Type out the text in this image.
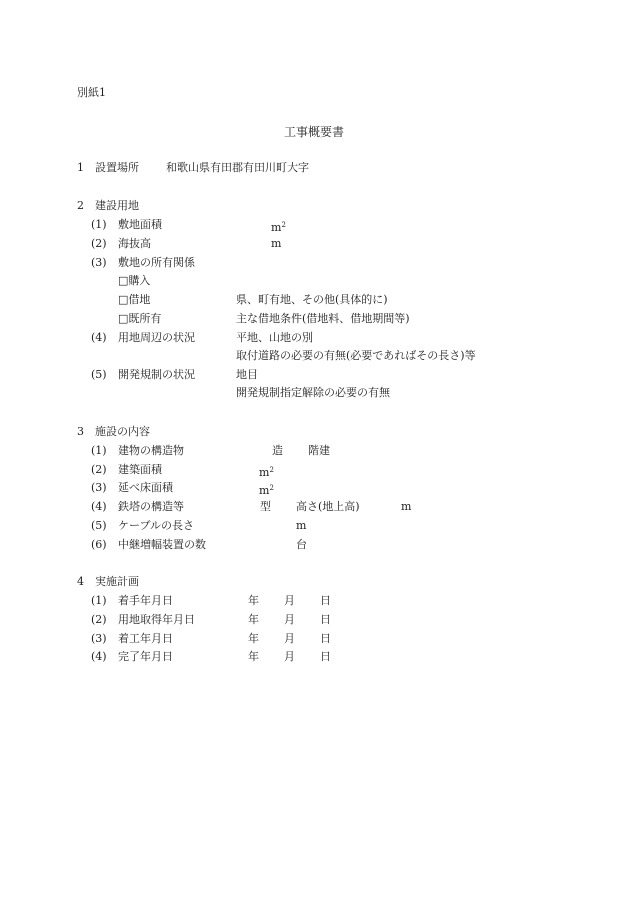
別紙1
工事概要書
1 設置場所 和歌山県有田郡有田川町大字
2 建設用地
(1) 敷地面積	$m^2$
(2) 海抜高	m
(3) 敷地の所有関係
□購入
□借地	県、町有地、その他(具体的に)
□既所有	主な借地条件(借地料、借地期間等)
(4) 用地周辺の状況	平地、山地の別
取付道路の必要の有無(必要であればその長さ)等
(5) 開発規制の状況	地目
開発規制指定解除の必要の有無
3 施設の内容
(1) 建物の構造物	造 階建
(2) 建築面積	$m^2$
(3) 延べ床面積	$m^2$
(4) 鉄塔の構造等	型 高さ(地上高)	m
(5) ケーブルの長さ	m
(6) 中継増幅装置の数	台
4 実施計画
(1) 着手年月日	年 月 日
(2) 用地取得年月日	年 月 日
(3) 着工年月日	年 月 日
(4) 完了年月日	年 月 日
